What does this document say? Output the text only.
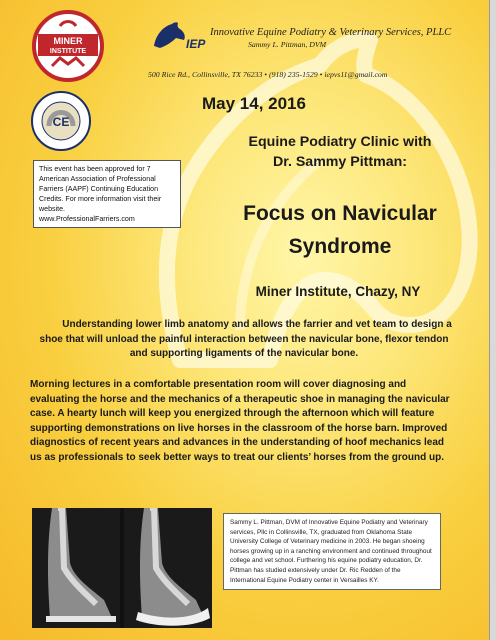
MINER
INSTITUTE
CE
IEP
Innovative Equine Podiatry & Veterinary Services, PLLC
Sammy L. Pittman, DVM
500 Rice Rd., Collinsville, TX 76233 • (918) 235-1529 • iepvs11@gmail.com
May 14, 2016
Equine Podiatry Clinic with
Dr. Sammy Pittman:
Focus on Navicular
Syndrome
Miner Institute, Chazy, NY
This event has been approved for 7 American Association of Professional Farriers (AAPF) Continuing Education Credits. For more information visit their website.
www.ProfessionalFarriers.com
Understanding lower limb anatomy and allows the farrier and vet team to design a shoe that will unload the painful interaction between the navicular bone, flexor tendon and supporting ligaments of the navicular bone.
Morning lectures in a comfortable presentation room will cover diagnosing and evaluating the horse and the mechanics of a therapeutic shoe in managing the navicular case. A hearty lunch will keep you energized through the afternoon which will feature supporting demonstrations on live horses in the classroom of the horse barn. Improved diagnostics of recent years and advances in the understanding of hoof mechanics lead us as professionals to seek better ways to treat our clients’ horses from the ground up.
Sammy L. Pittman, DVM of Innovative Equine Podiatry and Veterinary services, Pllc in Collinsville, TX, graduated from Oklahoma State University College of Veterinary medicine in 2003. He began shoeing horses growing up in a ranching environment and continued throughout college and vet school. Furthering his equine podiatry education, Dr. Pittman has studied extensively under Dr. Ric Redden of the International Equine Podiatry center in Versailles KY.
